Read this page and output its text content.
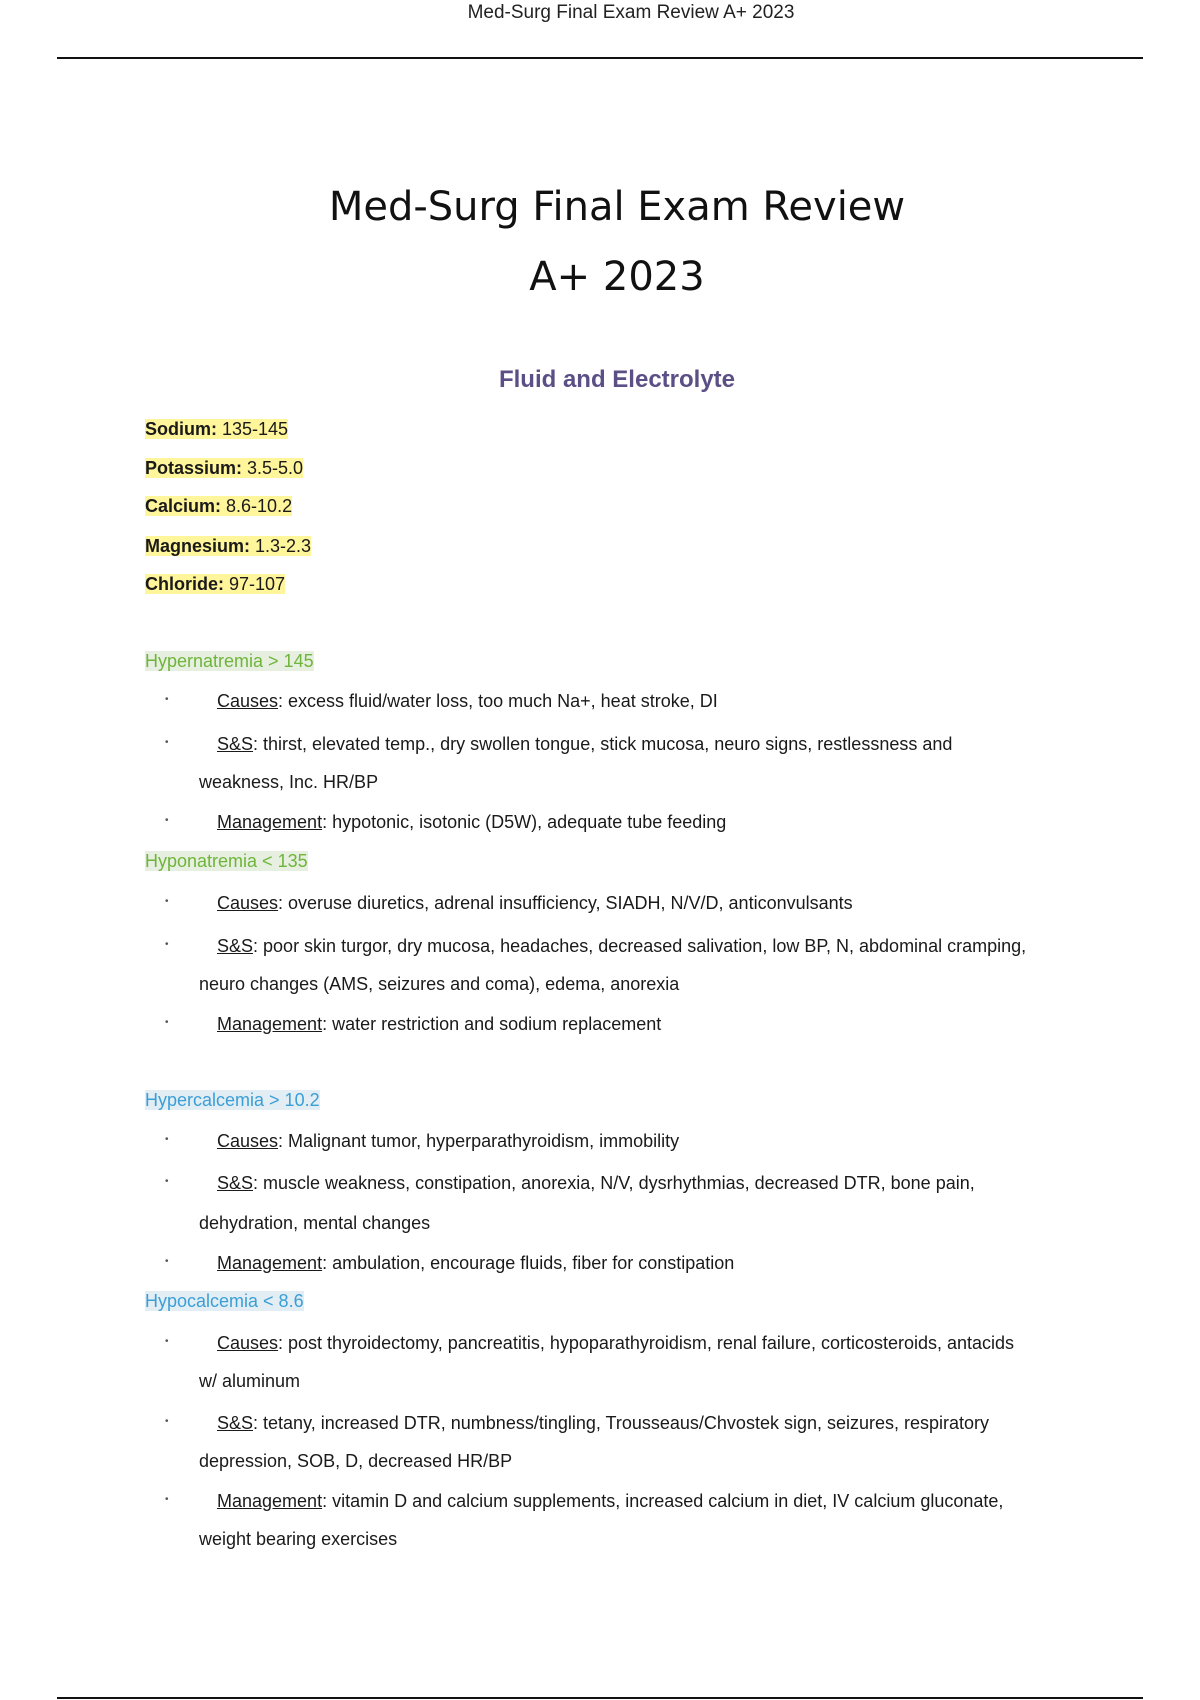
Med-Surg Final Exam Review A+ 2023
Med-Surg Final Exam Review
A+ 2023
Fluid and Electrolyte
Sodium: 135-145
Potassium: 3.5-5.0
Calcium: 8.6-10.2
Magnesium: 1.3-2.3
Chloride: 97-107
Hypernatremia > 145
•	Causes: excess fluid/water loss, too much Na+, heat stroke, DI
•	S&S: thirst, elevated temp., dry swollen tongue, stick mucosa, neuro signs, restlessness and
weakness, Inc. HR/BP
•	Management: hypotonic, isotonic (D5W), adequate tube feeding
Hyponatremia < 135
•	Causes: overuse diuretics, adrenal insufficiency, SIADH, N/V/D, anticonvulsants
•	S&S: poor skin turgor, dry mucosa, headaches, decreased salivation, low BP, N, abdominal cramping,
neuro changes (AMS, seizures and coma), edema, anorexia
•	Management: water restriction and sodium replacement
Hypercalcemia > 10.2
•	Causes: Malignant tumor, hyperparathyroidism, immobility
•	S&S: muscle weakness, constipation, anorexia, N/V, dysrhythmias, decreased DTR, bone pain,
dehydration, mental changes
•	Management: ambulation, encourage fluids, fiber for constipation
Hypocalcemia < 8.6
•	Causes: post thyroidectomy, pancreatitis, hypoparathyroidism, renal failure, corticosteroids, antacids
w/ aluminum
•	S&S: tetany, increased DTR, numbness/tingling, Trousseaus/Chvostek sign, seizures, respiratory
depression, SOB, D, decreased HR/BP
•	Management: vitamin D and calcium supplements, increased calcium in diet, IV calcium gluconate,
weight bearing exercises
